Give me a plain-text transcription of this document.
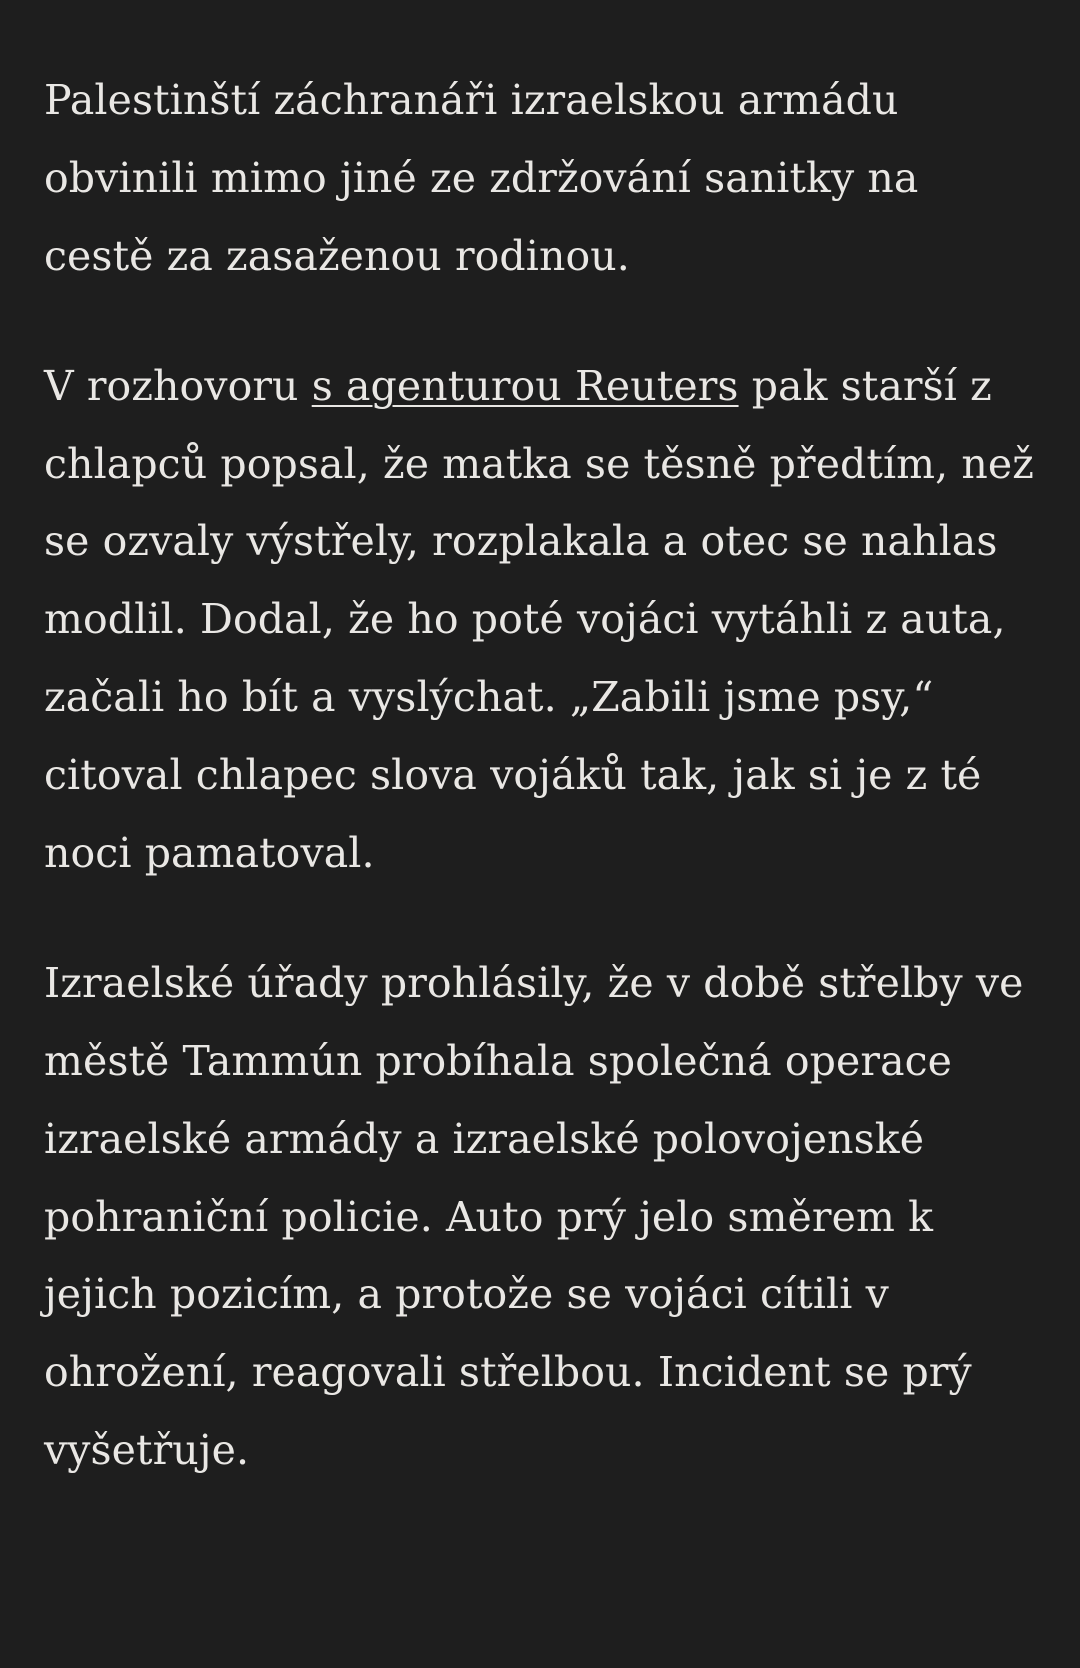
Palestinští záchranáři izraelskou armádu obvinili mimo jiné ze zdržování sanitky na cestě za zasaženou rodinou.

V rozhovoru s agenturou Reuters pak starší z chlapců popsal, že matka se těsně předtím, než se ozvaly výstřely, rozplakala a otec se nahlas modlil. Dodal, že ho poté vojáci vytáhli z auta, začali ho bít a vyslýchat. „Zabili jsme psy,“ citoval chlapec slova vojáků tak, jak si je z té noci pamatoval.

Izraelské úřady prohlásily, že v době střelby ve městě Tammún probíhala společná operace izraelské armády a izraelské polovojenské pohraniční policie. Auto prý jelo směrem k jejich pozicím, a protože se vojáci cítili v ohrožení, reagovali střelbou. Incident se prý vyšetřuje.
